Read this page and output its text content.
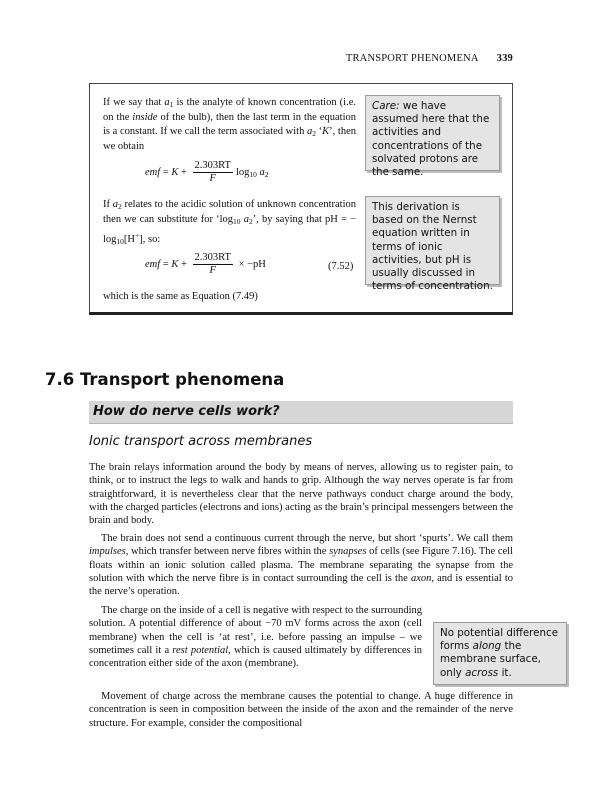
TRANSPORT PHENOMENA 339

If we say that $a_1$ is the analyte of known concentration (i.e. on the inside of the bulb), then the last term in the equation is a constant. If we call the term associated with $a_2$ ‘K’, then we obtain

emf = $K + \frac{2.303RT}{F} \log_{10} a_2$

If $a_2$ relates to the acidic solution of unknown concentration then we can substitute for ‘$\log_{10}$ $a_2$’, by saying that pH = − $\log_{10}[H^+]$, so:

emf = $K + \frac{2.303RT}{F} \times -pH$	(7.52)

which is the same as Equation (7.49)

Care: we have assumed here that the activities and concentrations of the solvated protons are the same.
This derivation is based on the Nernst equation written in terms of ionic activities, but pH is usually discussed in terms of concentration.
7.6 Transport phenomena
How do nerve cells work?
Ionic transport across membranes

The brain relays information around the body by means of nerves, allowing us to register pain, to think, or to instruct the legs to walk and hands to grip. Although the way nerves operate is far from straightforward, it is nevertheless clear that the nerve pathways conduct charge around the body, with the charged particles (electrons and ions) acting as the brain’s principal messengers between the brain and body.

The brain does not send a continuous current through the nerve, but short ‘spurts’. We call them impulses, which transfer between nerve fibres within the synapses of cells (see Figure 7.16). The cell floats within an ionic solution called plasma. The membrane separating the synapse from the solution with which the nerve fibre is in contact surrounding the cell is the axon, and is essential to the nerve’s operation.

The charge on the inside of a cell is negative with respect to the surrounding solution. A potential difference of about −70 mV forms across the axon (cell membrane) when the cell is ‘at rest’, i.e. before passing an impulse – we sometimes call it a rest potential, which is caused ultimately by differences in concentration either side of the axon (membrane).

No potential difference forms along the membrane surface, only across it.

Movement of charge across the membrane causes the potential to change. A huge difference in concentration is seen in composition between the inside of the axon and the remainder of the nerve structure. For example, consider the compositional
